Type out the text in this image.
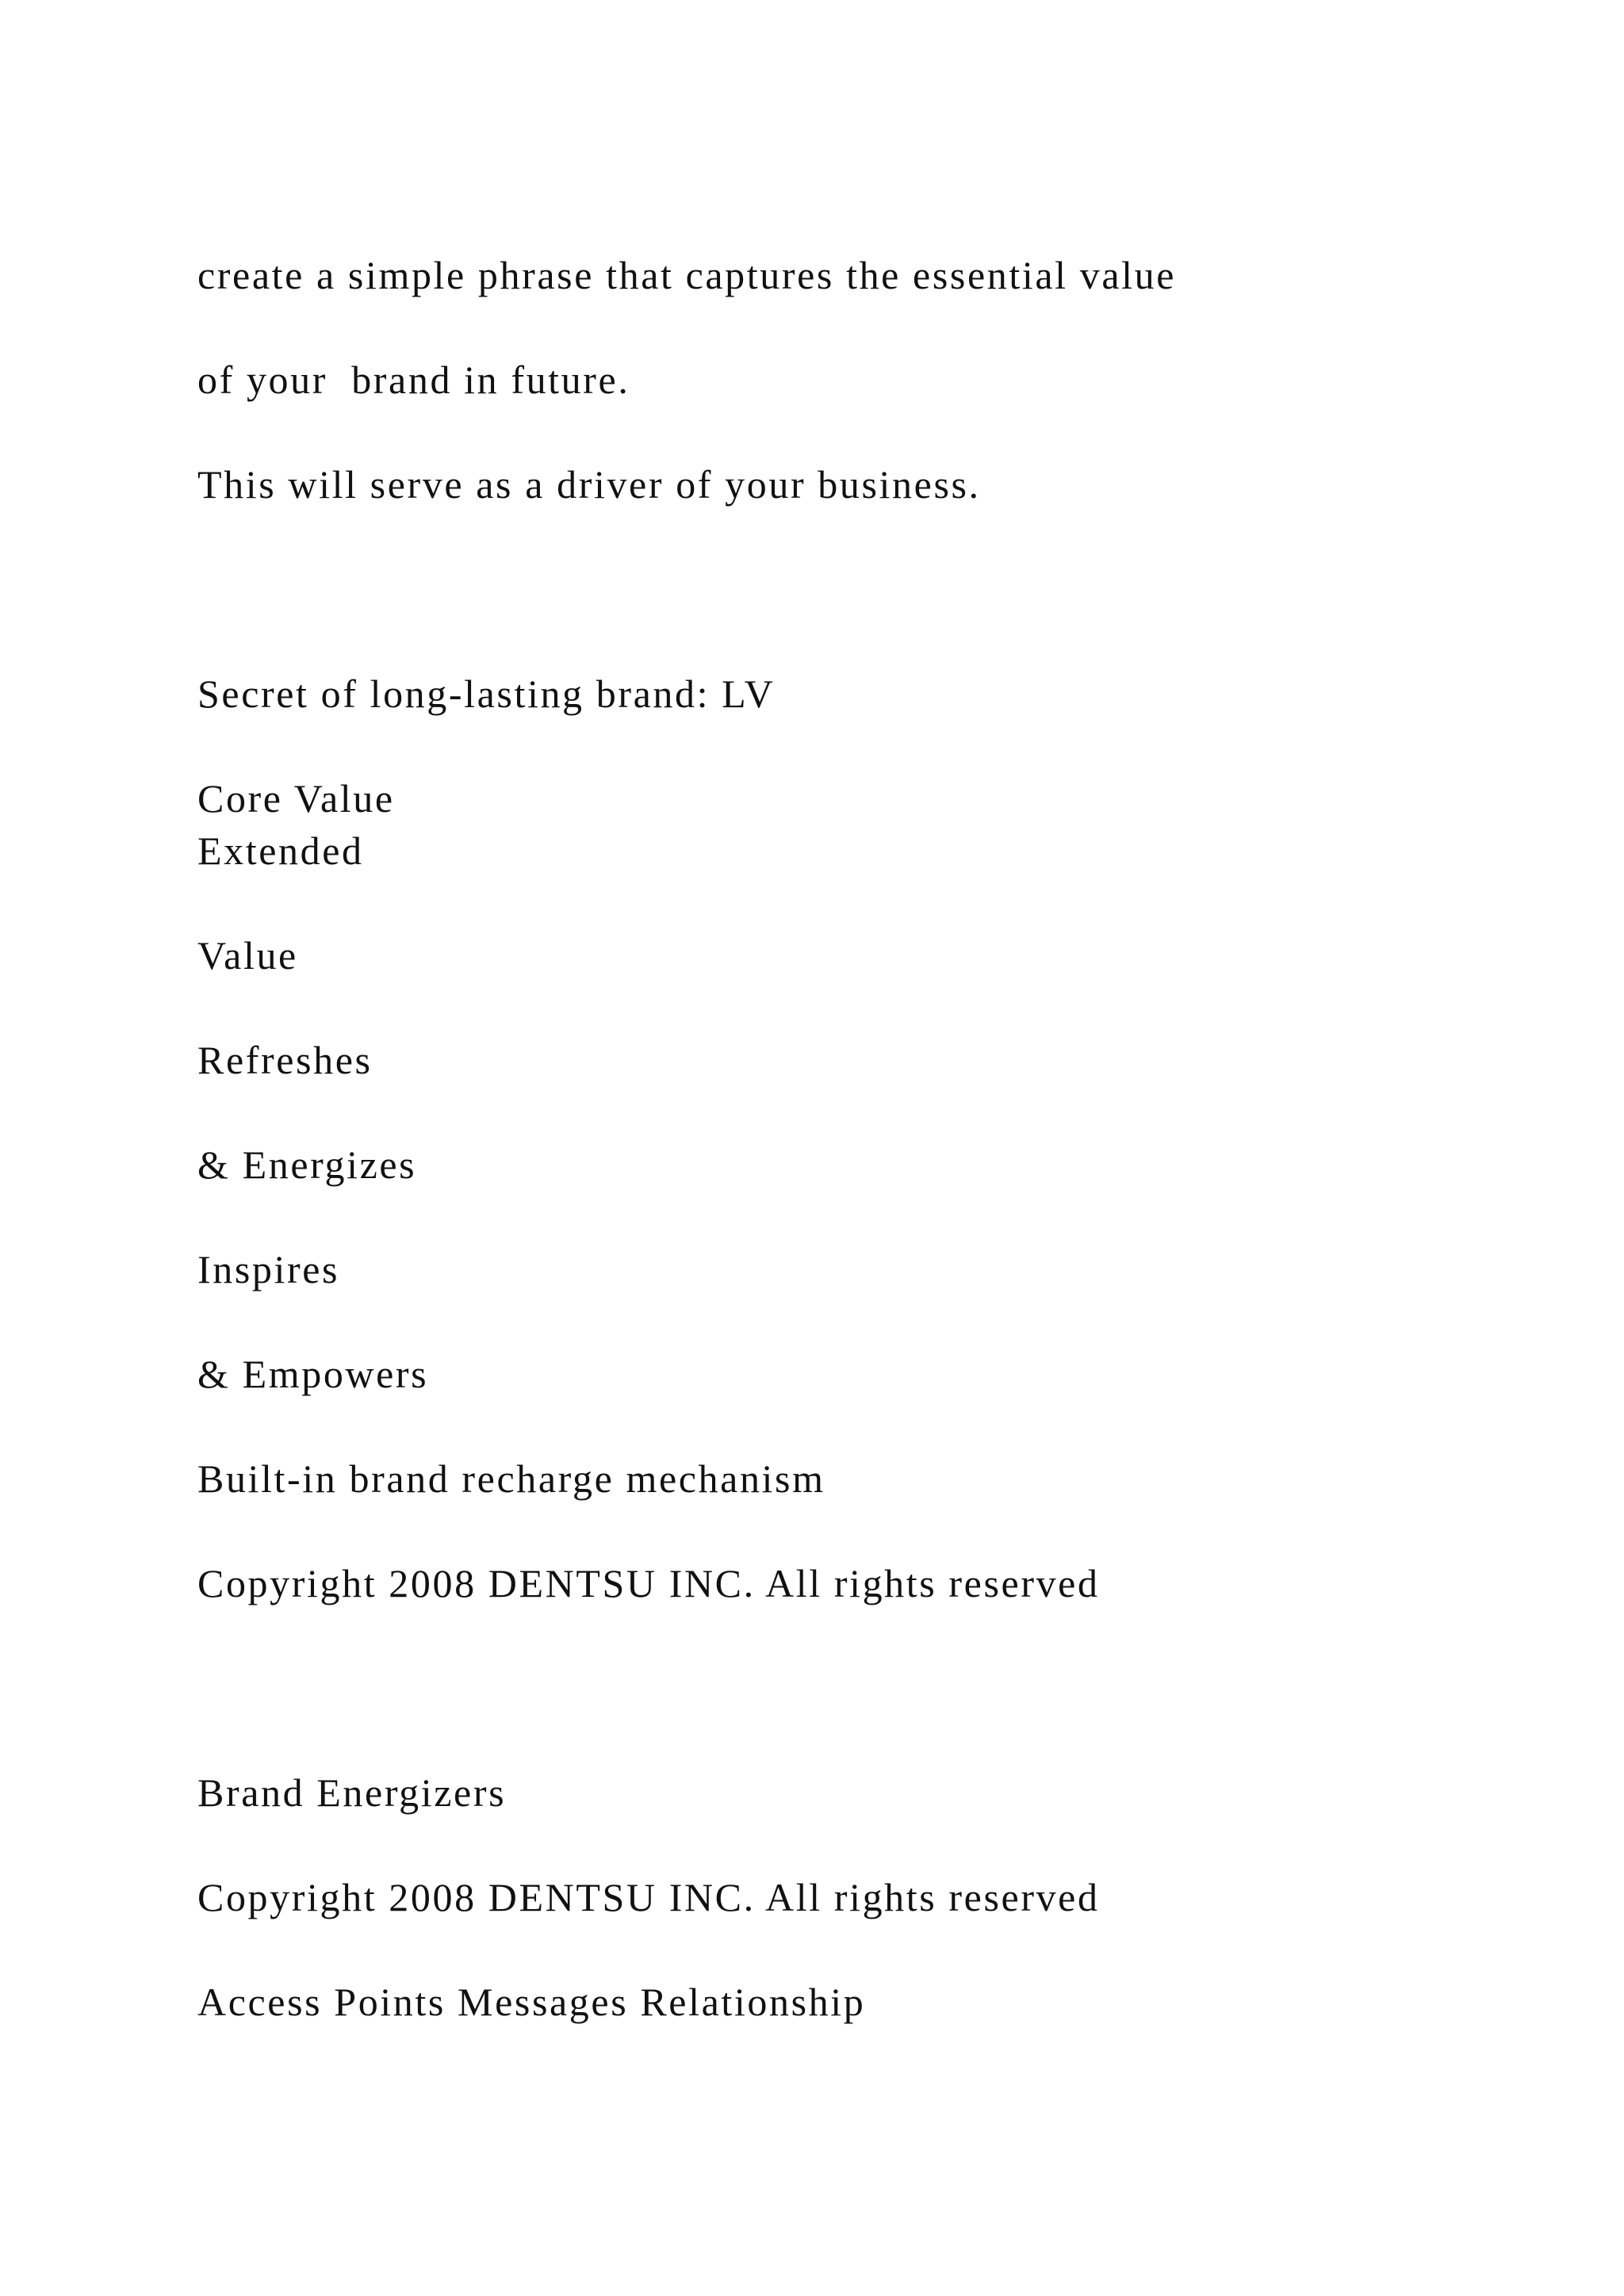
create a simple phrase that captures the essential value

of your  brand in future.

This will serve as a driver of your business.

Secret of long-lasting brand: LV

Core Value

Extended

Value

Refreshes

& Energizes

Inspires

& Empowers

Built-in brand recharge mechanism

Copyright 2008 DENTSU INC. All rights reserved

Brand Energizers

Copyright 2008 DENTSU INC. All rights reserved

Access Points Messages Relationship
